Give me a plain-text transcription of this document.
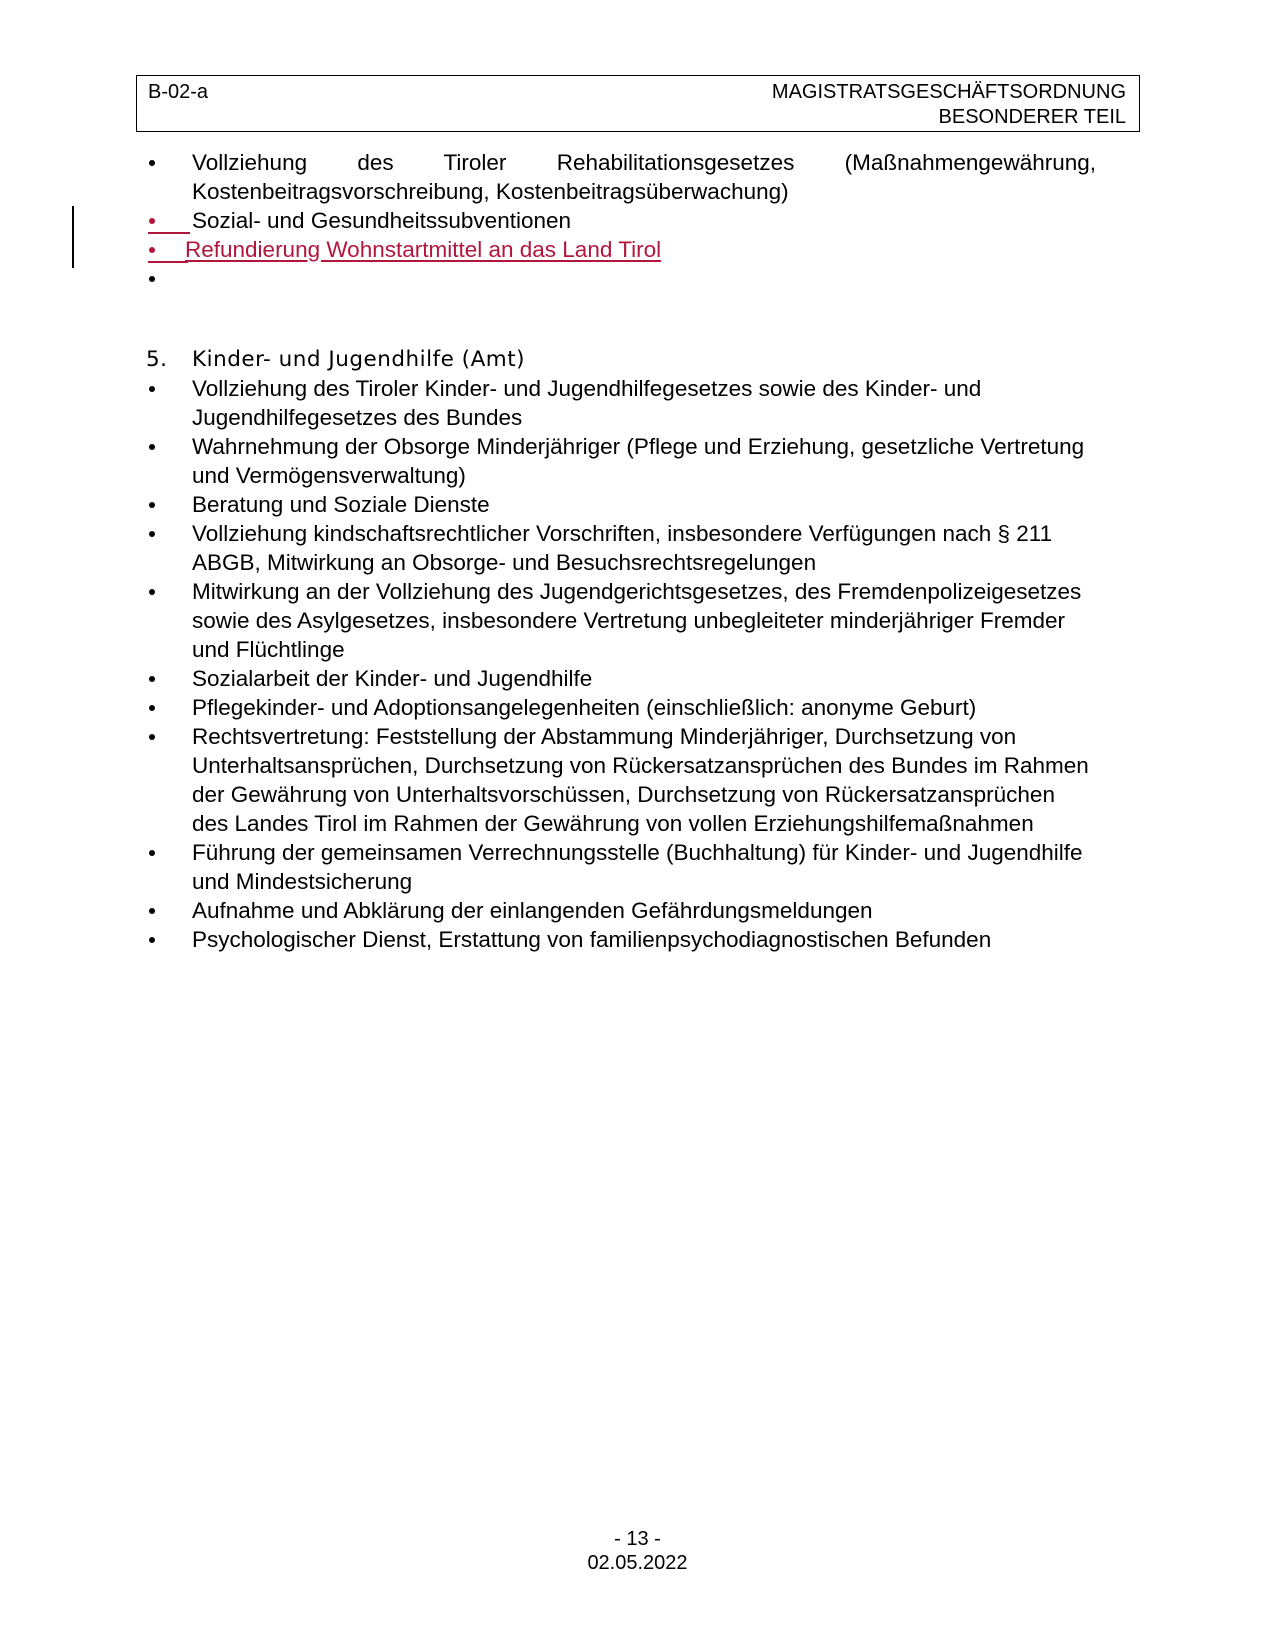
B-02-a	MAGISTRATSGESCHÄFTSORDNUNG
BESONDERER TEIL
Vollziehung des Tiroler Rehabilitationsgesetzes (Maßnahmengewährung, Kostenbeitragsvorschreibung, Kostenbeitragsüberwachung)
Sozial- und Gesundheitssubventionen
Refundierung Wohnstartmittel an das Land Tirol

5. Kinder- und Jugendhilfe (Amt)
Vollziehung des Tiroler Kinder- und Jugendhilfegesetzes sowie des Kinder- und Jugendhilfegesetzes des Bundes
Wahrnehmung der Obsorge Minderjähriger (Pflege und Erziehung, gesetzliche Vertretung und Vermögensverwaltung)
Beratung und Soziale Dienste
Vollziehung kindschaftsrechtlicher Vorschriften, insbesondere Verfügungen nach § 211 ABGB, Mitwirkung an Obsorge- und Besuchsrechtsregelungen
Mitwirkung an der Vollziehung des Jugendgerichtsgesetzes, des Fremdenpolizeigesetzes sowie des Asylgesetzes, insbesondere Vertretung unbegleiteter minderjähriger Fremder und Flüchtlinge
Sozialarbeit der Kinder- und Jugendhilfe
Pflegekinder- und Adoptionsangelegenheiten (einschließlich: anonyme Geburt)
Rechtsvertretung: Feststellung der Abstammung Minderjähriger, Durchsetzung von Unterhaltsansprüchen, Durchsetzung von Rückersatzansprüchen des Bundes im Rahmen der Gewährung von Unterhaltsvorschüssen, Durchsetzung von Rückersatzansprüchen des Landes Tirol im Rahmen der Gewährung von vollen Erziehungshilfemaßnahmen
Führung der gemeinsamen Verrechnungsstelle (Buchhaltung) für Kinder- und Jugendhilfe und Mindestsicherung
Aufnahme und Abklärung der einlangenden Gefährdungsmeldungen
Psychologischer Dienst, Erstattung von familienpsychodiagnostischen Befunden
- 13 -
02.05.2022
